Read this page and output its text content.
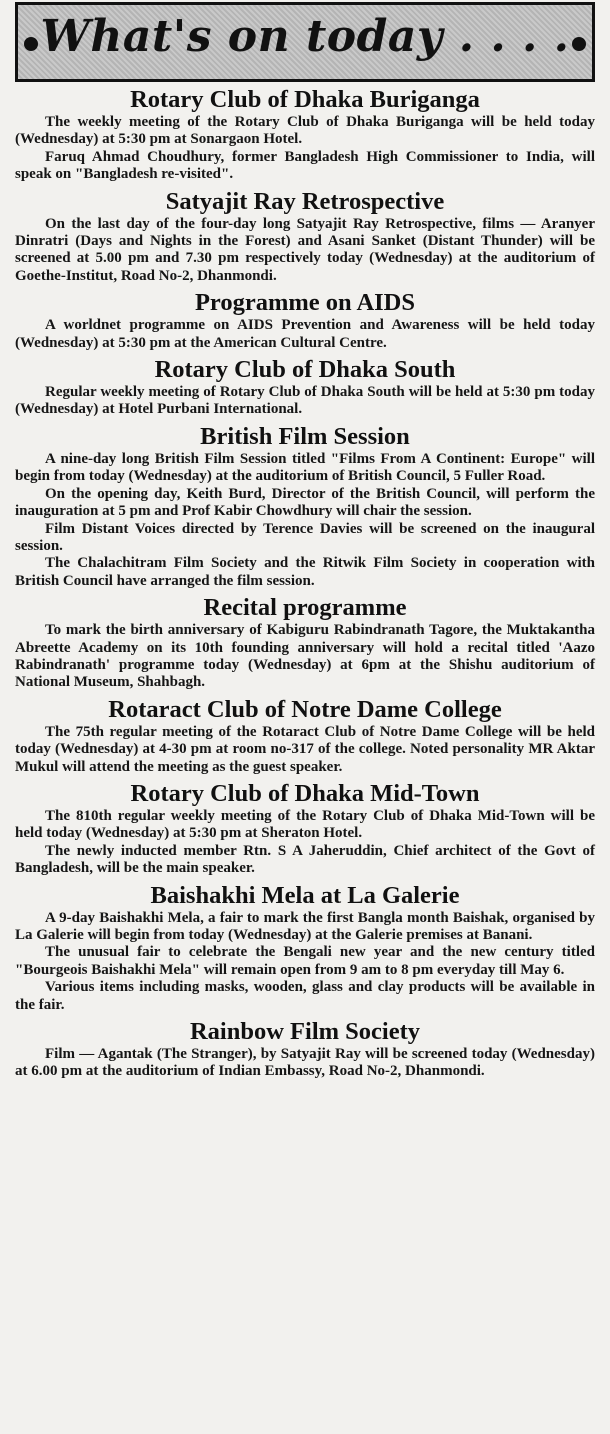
What's on today . . . .
Rotary Club of Dhaka Buriganga

The weekly meeting of the Rotary Club of Dhaka Buriganga will be held today (Wednesday) at 5:30 pm at Sonargaon Hotel.

Faruq Ahmad Choudhury, former Bangladesh High Commissioner to India, will speak on "Bangladesh re-visited".

Satyajit Ray Retrospective

On the last day of the four-day long Satyajit Ray Retrospective, films — Aranyer Dinratri (Days and Nights in the Forest) and Asani Sanket (Distant Thunder) will be screened at 5.00 pm and 7.30 pm respectively today (Wednesday) at the auditorium of Goethe-Institut, Road No-2, Dhanmondi.

Programme on AIDS

A worldnet programme on AIDS Prevention and Awareness will be held today (Wednesday) at 5:30 pm at the American Cultural Centre.

Rotary Club of Dhaka South

Regular weekly meeting of Rotary Club of Dhaka South will be held at 5:30 pm today (Wednesday) at Hotel Purbani International.

British Film Session

A nine-day long British Film Session titled "Films From A Continent: Europe" will begin from today (Wednesday) at the auditorium of British Council, 5 Fuller Road.

On the opening day, Keith Burd, Director of the British Council, will perform the inauguration at 5 pm and Prof Kabir Chowdhury will chair the session.

Film Distant Voices directed by Terence Davies will be screened on the inaugural session.

The Chalachitram Film Society and the Ritwik Film Society in cooperation with British Council have arranged the film session.

Recital programme

To mark the birth anniversary of Kabiguru Rabindranath Tagore, the Muktakantha Abreette Academy on its 10th founding anniversary will hold a recital titled 'Aazo Rabindranath' programme today (Wednesday) at 6pm at the Shishu auditorium of National Museum, Shahbagh.

Rotaract Club of Notre Dame College

The 75th regular meeting of the Rotaract Club of Notre Dame College will be held today (Wednesday) at 4-30 pm at room no-317 of the college. Noted personality MR Aktar Mukul will attend the meeting as the guest speaker.

Rotary Club of Dhaka Mid-Town

The 810th regular weekly meeting of the Rotary Club of Dhaka Mid-Town will be held today (Wednesday) at 5:30 pm at Sheraton Hotel.

The newly inducted member Rtn. S A Jaheruddin, Chief architect of the Govt of Bangladesh, will be the main speaker.

Baishakhi Mela at La Galerie

A 9-day Baishakhi Mela, a fair to mark the first Bangla month Baishak, organised by La Galerie will begin from today (Wednesday) at the Galerie premises at Banani.

The unusual fair to celebrate the Bengali new year and the new century titled "Bourgeois Baishakhi Mela" will remain open from 9 am to 8 pm everyday till May 6.

Various items including masks, wooden, glass and clay products will be available in the fair.

Rainbow Film Society

Film — Agantak (The Stranger), by Satyajit Ray will be screened today (Wednesday) at 6.00 pm at the auditorium of Indian Embassy, Road No-2, Dhanmondi.
